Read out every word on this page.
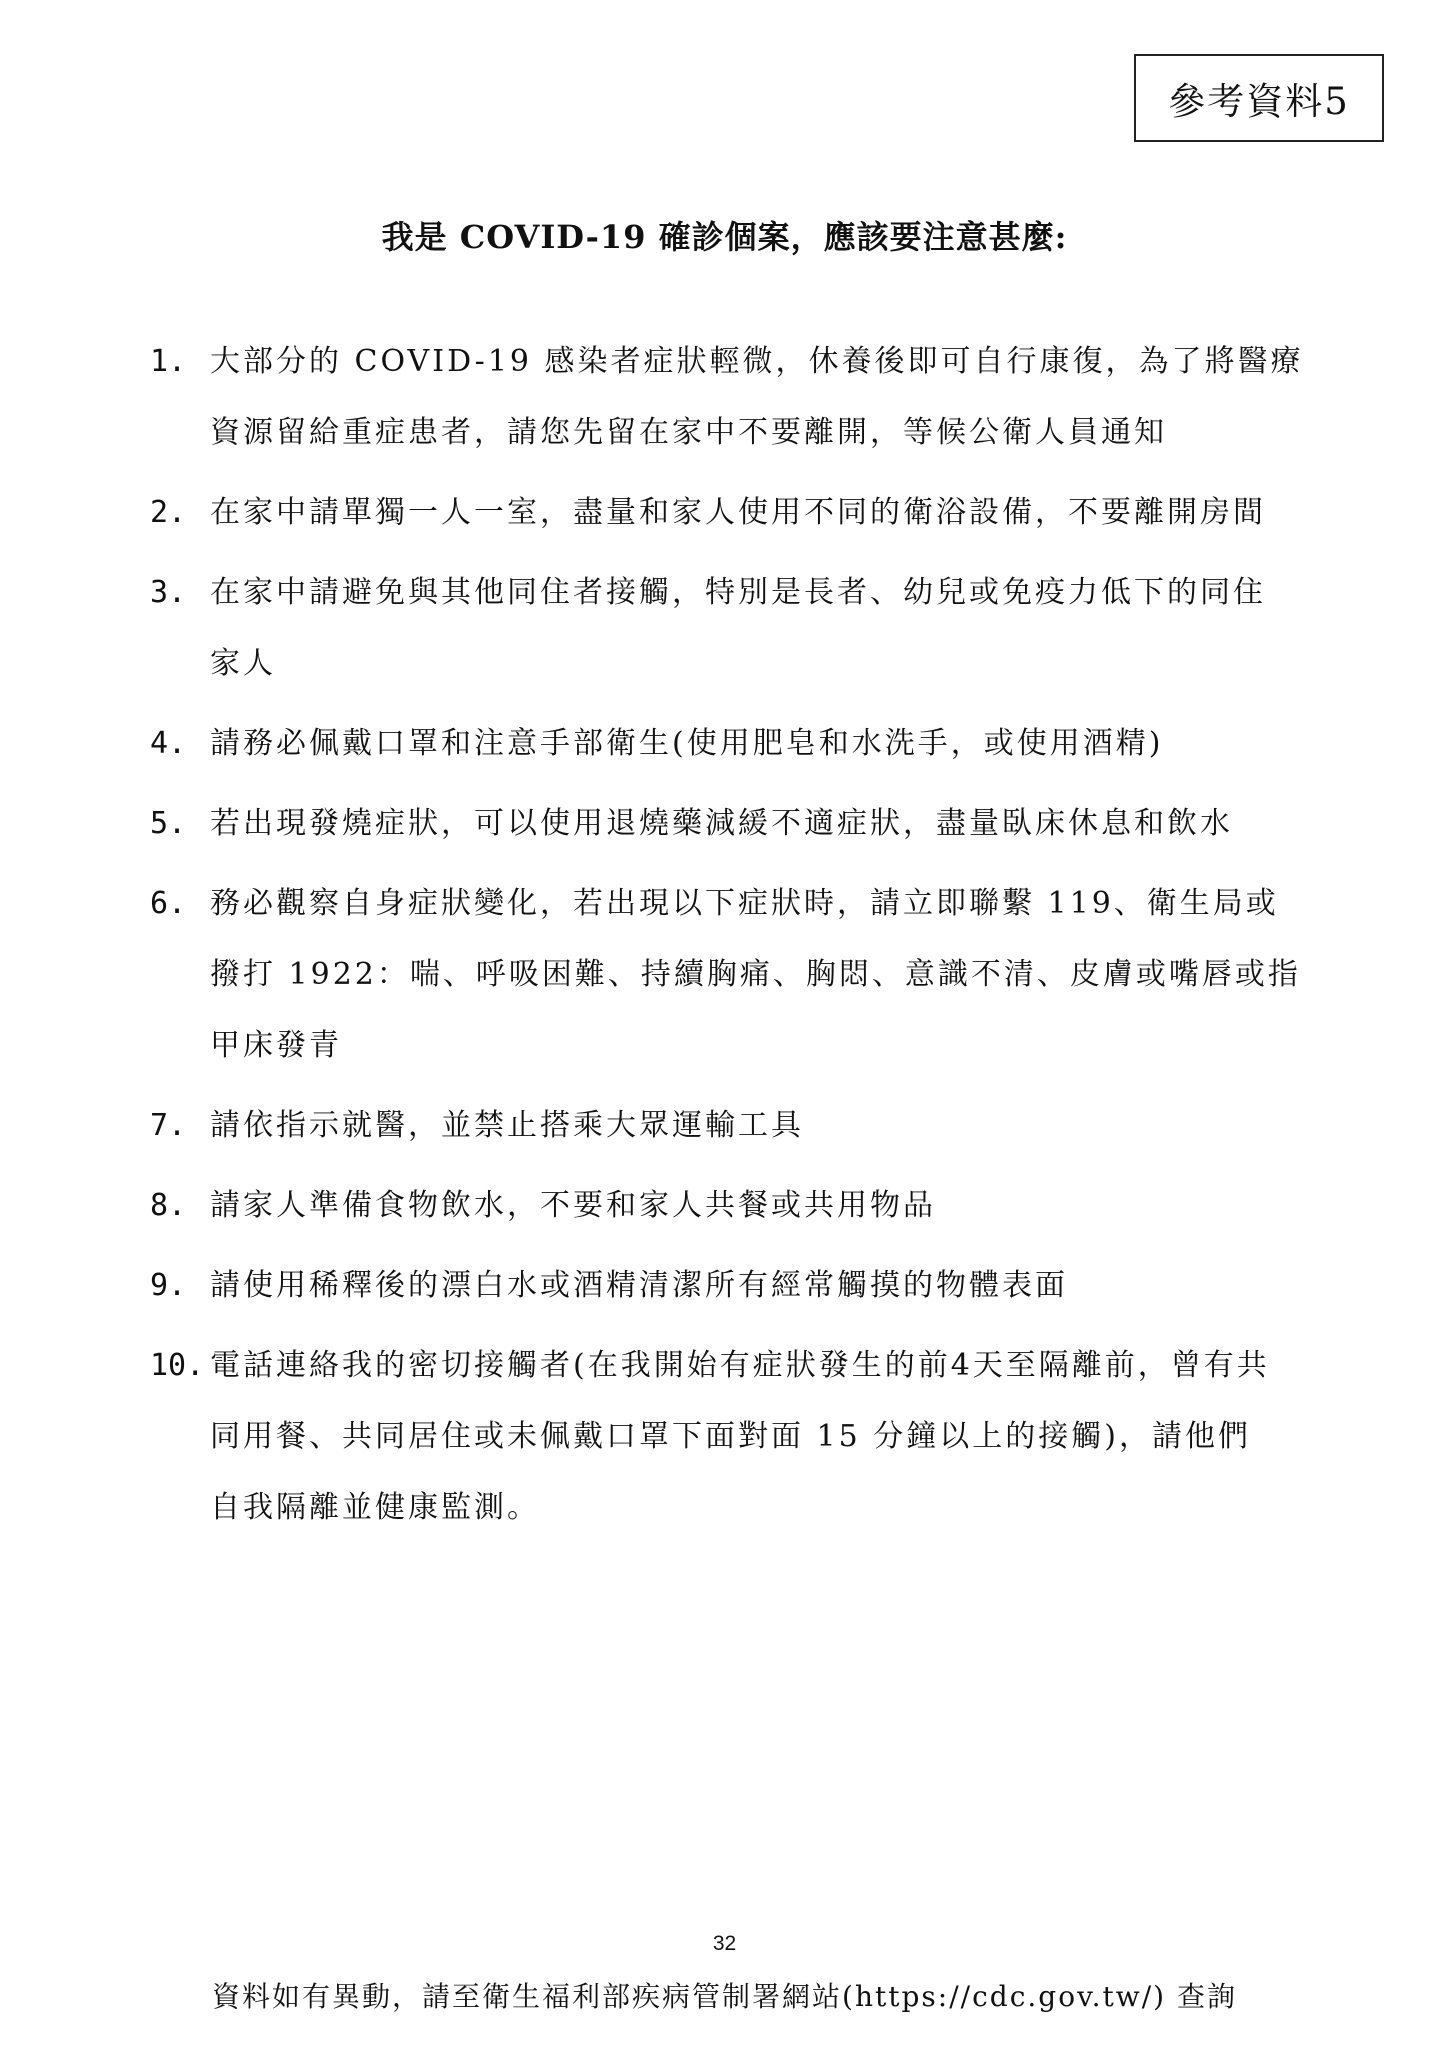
參考資料5
我是 COVID-19 確診個案，應該要注意甚麼:
1. 大部分的 COVID-19 感染者症狀輕微，休養後即可自行康復，為了將醫療
資源留給重症患者，請您先留在家中不要離開，等候公衛人員通知
2. 在家中請單獨一人一室，盡量和家人使用不同的衛浴設備，不要離開房間
3. 在家中請避免與其他同住者接觸，特別是長者、幼兒或免疫力低下的同住
家人
4. 請務必佩戴口罩和注意手部衛生(使用肥皂和水洗手，或使用酒精)
5. 若出現發燒症狀，可以使用退燒藥減緩不適症狀，盡量臥床休息和飲水
6. 務必觀察自身症狀變化，若出現以下症狀時，請立即聯繫 119、衛生局或
撥打 1922：喘、呼吸困難、持續胸痛、胸悶、意識不清、皮膚或嘴唇或指
甲床發青
7. 請依指示就醫，並禁止搭乘大眾運輸工具
8. 請家人準備食物飲水，不要和家人共餐或共用物品
9. 請使用稀釋後的漂白水或酒精清潔所有經常觸摸的物體表面
10. 電話連絡我的密切接觸者(在我開始有症狀發生的前4天至隔離前，曾有共
同用餐、共同居住或未佩戴口罩下面對面 15 分鐘以上的接觸)，請他們
自我隔離並健康監測。
32
資料如有異動，請至衛生福利部疾病管制署網站(https://cdc.gov.tw/) 查詢
